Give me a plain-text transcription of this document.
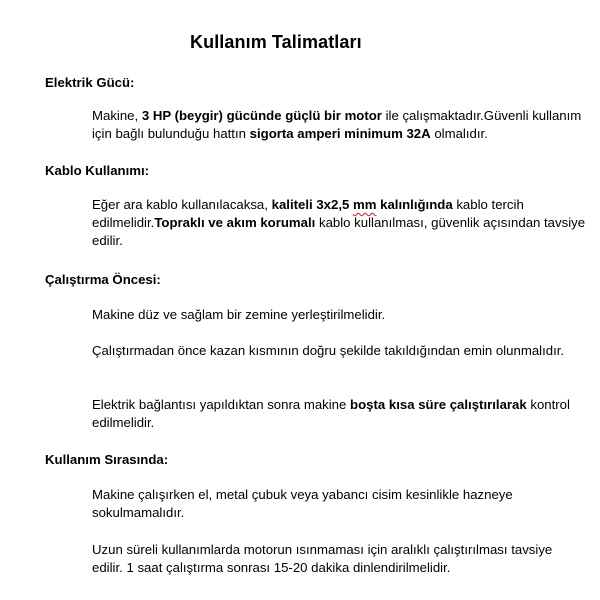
Kullanım Talimatları
Elektrik Gücü:
Makine, 3 HP (beygir) gücünde güçlü bir motor ile çalışmaktadır.Güvenli kullanım için bağlı bulunduğu hattın sigorta amperi minimum 32A olmalıdır.
Kablo Kullanımı:
Eğer ara kablo kullanılacaksa, kaliteli 3x2,5 mm kalınlığında kablo tercih edilmelidir.Topraklı ve akım korumalı kablo kullanılması, güvenlik açısından tavsiye edilir.
Çalıştırma Öncesi:
Makine düz ve sağlam bir zemine yerleştirilmelidir.
Çalıştırmadan önce kazan kısmının doğru şekilde takıldığından emin olunmalıdır.
Elektrik bağlantısı yapıldıktan sonra makine boşta kısa süre çalıştırılarak kontrol edilmelidir.
Kullanım Sırasında:
Makine çalışırken el, metal çubuk veya yabancı cisim kesinlikle hazneye sokulmamalıdır.
Uzun süreli kullanımlarda motorun ısınmaması için aralıklı çalıştırılması tavsiye
edilir. 1 saat çalıştırma sonrası 15-20 dakika dinlendirilmelidir.
